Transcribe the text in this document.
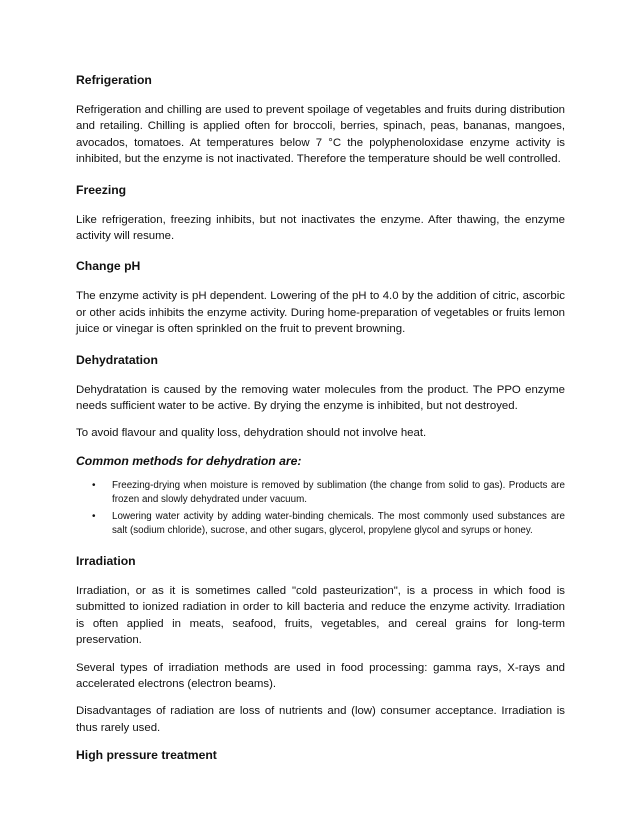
Refrigeration

Refrigeration and chilling are used to prevent spoilage of vegetables and fruits during distribution and retailing. Chilling is applied often for broccoli, berries, spinach, peas, bananas, mangoes, avocados, tomatoes. At temperatures below 7 °C the polyphenoloxidase enzyme activity is inhibited, but the enzyme is not inactivated. Therefore the temperature should be well controlled.

Freezing

Like refrigeration, freezing inhibits, but not inactivates the enzyme. After thawing, the enzyme activity will resume.

Change pH

The enzyme activity is pH dependent. Lowering of the pH to 4.0 by the addition of citric, ascorbic or other acids inhibits the enzyme activity. During home-preparation of vegetables or fruits lemon juice or vinegar is often sprinkled on the fruit to prevent browning.

Dehydratation

Dehydratation is caused by the removing water molecules from the product. The PPO enzyme needs sufficient water to be active. By drying the enzyme is inhibited, but not destroyed.

To avoid flavour and quality loss, dehydration should not involve heat.

Common methods for dehydration are:
• Freezing-drying when moisture is removed by sublimation (the change from solid to gas). Products are frozen and slowly dehydrated under vacuum.
• Lowering water activity by adding water-binding chemicals. The most commonly used substances are salt (sodium chloride), sucrose, and other sugars, glycerol, propylene glycol and syrups or honey.
Irradiation

Irradiation, or as it is sometimes called "cold pasteurization", is a process in which food is submitted to ionized radiation in order to kill bacteria and reduce the enzyme activity. Irradiation is often applied in meats, seafood, fruits, vegetables, and cereal grains for long-term preservation.

Several types of irradiation methods are used in food processing: gamma rays, X-rays and accelerated electrons (electron beams).

Disadvantages of radiation are loss of nutrients and (low) consumer acceptance. Irradiation is thus rarely used.

High pressure treatment
